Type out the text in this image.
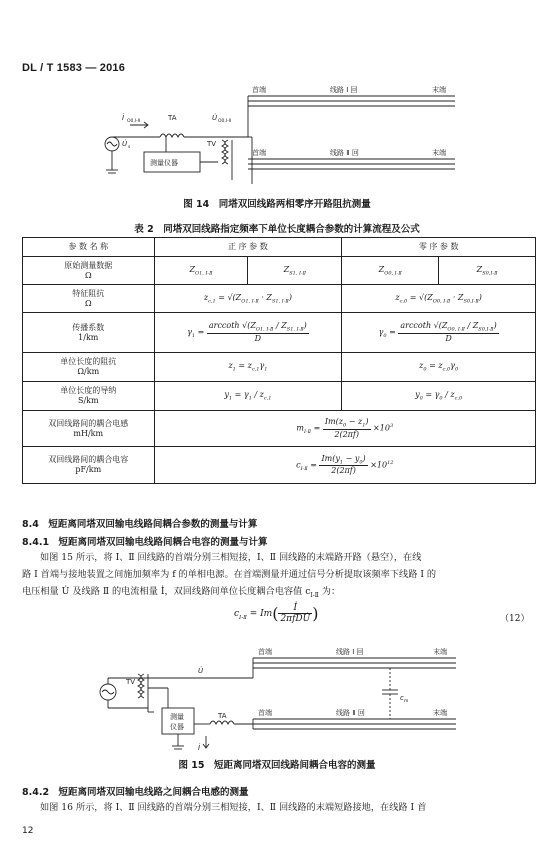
DL / T 1583 — 2016
首端	线路 Ⅰ 回	末端
首端	线路 Ⅱ 回	末端
TA
TV
测量仪器
İ O0,Ⅰ-Ⅱ	U̇ O0,Ⅰ-Ⅱ
U̇ s
图 14　同塔双回线路两相零序开路阻抗测量
表 2　同塔双回线路指定频率下单位长度耦合参数的计算流程及公式
参 数 名 称	正 序 参 数		零 序 参 数	
原始测量数据
Ω	$Z_{O1, Ⅰ-Ⅱ}$	$Z_{S1, Ⅰ-Ⅱ}$	$Z_{O0, Ⅰ-Ⅱ}$	$Z_{S0,Ⅰ-Ⅱ}$
特征阻抗
Ω	$z_{c,1} = √(Z_{O1, Ⅰ-Ⅱ} \cdot Z_{S1, Ⅰ-Ⅱ})$		$z_{c,0} = √(Z_{O0, Ⅰ-Ⅱ} \cdot Z_{S0,Ⅰ-Ⅱ})$	
传播系数
1/km	$\gamma_1 = \frac{arccoth √(Z_{O1, Ⅰ-Ⅱ} / Z_{S1, Ⅰ-Ⅱ})}{D}$		$\gamma_0 = \frac{arccoth √(Z_{O0, Ⅰ-Ⅱ} / Z_{S0,Ⅰ-Ⅱ})}{D}$

单位长度的阻抗
Ω/km	$z_1 = z_{c,1}\gamma_1$		$z_0 = z_{c,0}\gamma_0$
单位长度的导纳
S/km	$y_1 = \gamma_1 / z_{c,1}$		$y_0 = \gamma_0 / z_{c,0}$
双回线路间的耦合电感
mH/km	$m_{Ⅰ-Ⅱ} = \frac{Im(z_0 - z_1)}{2(2\pi f)} \times 10^3$
双回线路间的耦合电容
pF/km	$c_{Ⅰ-Ⅱ} = \frac{Im(y_1 - y_0)}{2(2\pi f)} \times 10^{12}$
8.4　短距离同塔双回输电线路间耦合参数的测量与计算
8.4.1　短距离同塔双回输电线路间耦合电容的测量与计算
如图 15 所示，将 Ⅰ、Ⅱ 回线路的首端分别三相短接，Ⅰ、Ⅱ 回线路的末端路开路（悬空），在线
路 Ⅰ 首端与接地装置之间施加频率为 f 的单相电源。在首端测量并通过信号分析提取该频率下线路 Ⅰ 的
电压相量 U̇ 及线路 Ⅱ 的电流相量 İ，双回线路间单位长度耦合电容值 $c_{Ⅰ-Ⅱ}$ 为：
$c_{Ⅰ-Ⅱ} = Im( \frac{İ}{\text{2πfDU̇}}$ )	（12）
首端	线路 Ⅰ 回	末端
首端	线路 Ⅱ 回	末端
U̇
İ
TV
TA
测量
仪器
c m
图 15　短距离同塔双回线路间耦合电容的测量
8.4.2　短距离同塔双回输电线路之间耦合电感的测量
如图 16 所示，将 Ⅰ、Ⅱ 回线路的首端分别三相短接，Ⅰ、Ⅱ 回线路的末端短路接地，在线路 Ⅰ 首
12
